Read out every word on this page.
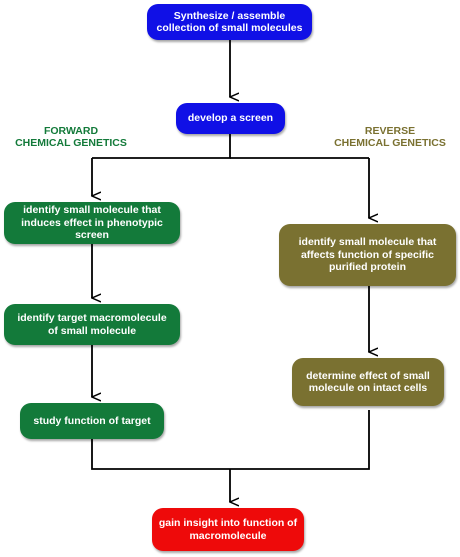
Synthesize / assemble
collection of small molecules
develop a screen
FORWARD
CHEMICAL GENETICS
REVERSE
CHEMICAL GENETICS
identify small molecule that
induces effect in phenotypic
screen
identify target macromolecule
of small molecule
study function of target
identify small molecule that
affects function of specific
purified protein
determine effect of small
molecule on intact cells
gain insight into function of
macromolecule
